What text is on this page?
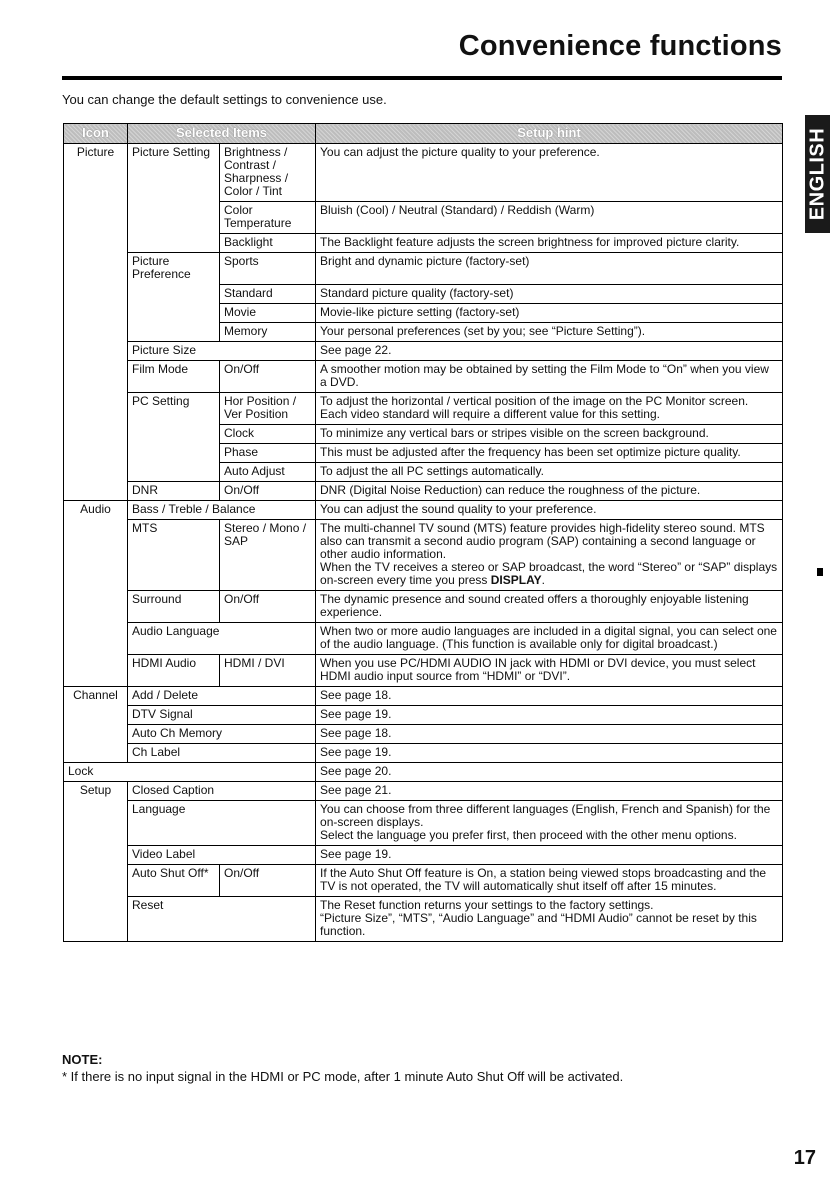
Convenience functions
You can change the default settings to convenience use.
ENGLISH
Icon	Selected Items		Setup hint
Picture	Picture Setting	Brightness / Contrast / Sharpness / Color / Tint	You can adjust the picture quality to your preference.
		Color Temperature	Bluish (Cool) / Neutral (Standard) / Reddish (Warm)
		Backlight	The Backlight feature adjusts the screen brightness for improved picture clarity.
	Picture Preference	Sports	Bright and dynamic picture (factory-set)
		Standard	Standard picture quality (factory-set)
		Movie	Movie-like picture setting (factory-set)
		Memory	Your personal preferences (set by you; see “Picture Setting”).
	Picture Size		See page 22.
	Film Mode	On/Off	A smoother motion may be obtained by setting the Film Mode to “On” when you view a DVD.
	PC Setting	Hor Position / Ver Position	To adjust the horizontal / vertical position of the image on the PC Monitor screen. Each video standard will require a different value for this setting.
		Clock	To minimize any vertical bars or stripes visible on the screen background.
		Phase	This must be adjusted after the frequency has been set optimize picture quality.
		Auto Adjust	To adjust the all PC settings automatically.
	DNR	On/Off	DNR (Digital Noise Reduction) can reduce the roughness of the picture.
Audio	Bass / Treble / Balance		You can adjust the sound quality to your preference.
	MTS	Stereo / Mono / SAP	The multi-channel TV sound (MTS) feature provides high-fidelity stereo sound. MTS also can transmit a second audio program (SAP) containing a second language or other audio information.
When the TV receives a stereo or SAP broadcast, the word “Stereo” or “SAP” displays on-screen every time you press DISPLAY.

	Surround	On/Off	The dynamic presence and sound created offers a thoroughly enjoyable listening experience.
	Audio Language		When two or more audio languages are included in a digital signal, you can select one of the audio language. (This function is available only for digital broadcast.)
	HDMI Audio	HDMI / DVI	When you use PC/HDMI AUDIO IN jack with HDMI or DVI device, you must select HDMI audio input source from “HDMI” or “DVI”.
Channel	Add / Delete		See page 18.
	DTV Signal		See page 19.
	Auto Ch Memory		See page 18.
	Ch Label		See page 19.
Lock			See page 20.
Setup	Closed Caption		See page 21.
	Language		You can choose from three different languages (English, French and Spanish) for the on-screen displays.
Select the language you prefer first, then proceed with the other menu options.

	Video Label		See page 19.
	Auto Shut Off*	On/Off	If the Auto Shut Off feature is On, a station being viewed stops broadcasting and the TV is not operated, the TV will automatically shut itself off after 15 minutes.
	Reset		The Reset function returns your settings to the factory settings.
“Picture Size”, “MTS”, “Audio Language” and “HDMI Audio” cannot be reset by this function.
NOTE:
* If there is no input signal in the HDMI or PC mode, after 1 minute Auto Shut Off will be activated.
17
